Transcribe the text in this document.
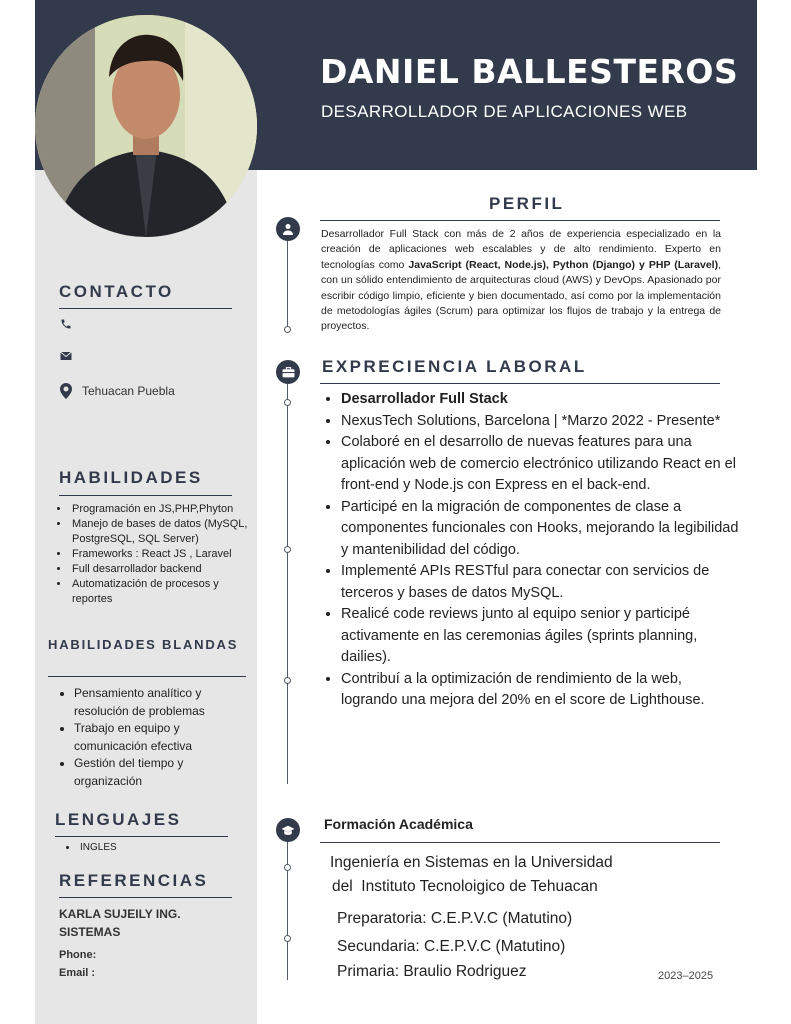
DANIEL BALLESTEROS

DESARROLLADOR DE APLICACIONES WEB

CONTACTO
Tehuacan Puebla
HABILIDADES
• Programación en JS,PHP,Phyton
• Manejo de bases de datos (MySQL, PostgreSQL, SQL Server)
• Frameworks : React JS , Laravel
• Full desarrollador backend
• Automatización de procesos y reportes
HABILIDADES BLANDAS
• Pensamiento analítico y resolución de problemas
• Trabajo en equipo y comunicación efectiva
• Gestión del tiempo y organización
LENGUAJES
• INGLES
REFERENCIAS
KARLA SUJEILY ING. SISTEMAS
Phone:
Email :
PERFIL

Desarrollador Full Stack con más de 2 años de experiencia especializado en la creación de aplicaciones web escalables y de alto rendimiento. Experto en tecnologías como JavaScript (React, Node.js), Python (Django) y PHP (Laravel), con un sólido entendimiento de arquitecturas cloud (AWS) y DevOps. Apasionado por escribir código limpio, eficiente y bien documentado, así como por la implementación de metodologías ágiles (Scrum) para optimizar los flujos de trabajo y la entrega de proyectos.

EXPRECIENCIA LABORAL
• Desarrollador Full Stack
• NexusTech Solutions, Barcelona | *Marzo 2022 - Presente*
• Colaboré en el desarrollo de nuevas features para una aplicación web de comercio electrónico utilizando React en el front-end y Node.js con Express en el back-end.
• Participé en la migración de componentes de clase a componentes funcionales con Hooks, mejorando la legibilidad y mantenibilidad del código.
• Implementé APIs RESTful para conectar con servicios de terceros y bases de datos MySQL.
• Realicé code reviews junto al equipo senior y participé activamente en las ceremonias ágiles (sprints planning, dailies).
• Contribuí a la optimización de rendimiento de la web, logrando una mejora del 20% en el score de Lighthouse.
Formación Académica
Ingeniería en Sistemas en la Universidad
del  Instituto Tecnoloigico de Tehuacan
Preparatoria: C.E.P.V.C (Matutino)
Secundaria: C.E.P.V.C (Matutino)
Primaria: Braulio Rodriguez	2023–2025
